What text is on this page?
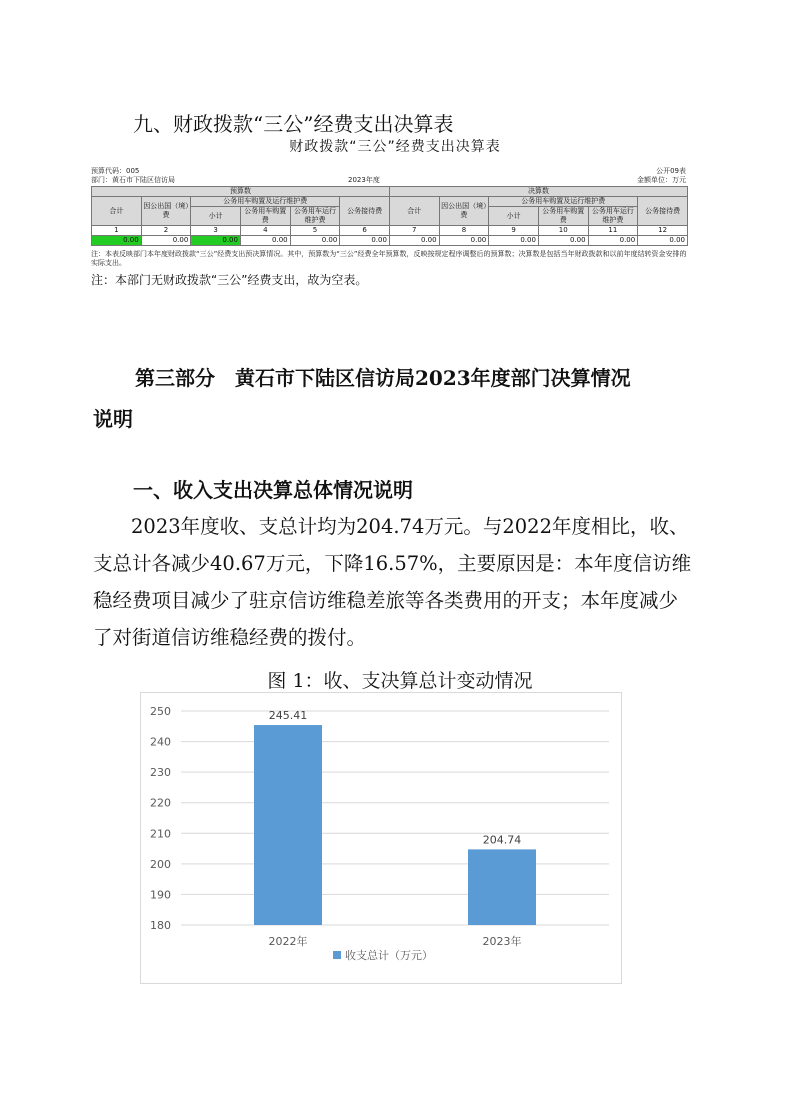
九、财政拨款“三公”经费支出决算表
财政拨款“三公”经费支出决算表
预算代码：005	公开09表
部门：黄石市下陆区信访局	2023年度	金额单位：万元
预算数						决算数					
合计	因公出国（境）费	公务用车购置及运行维护费			公务接待费	合计	因公出国（境）费	公务用车购置及运行维护费			公务接待费
		小计	公务用车购置费	公务用车运行维护费				小计	公务用车购置费	公务用车运行维护费	
1	2	3	4	5	6	7	8	9	10	11	12
0.00	0.00	0.00	0.00	0.00	0.00	0.00	0.00	0.00	0.00	0.00	0.00
注：本表反映部门本年度财政拨款“三公”经费支出预决算情况。其中，预算数为“三公”经费全年预算数，反映按规定程序调整后的预算数；决算数是包括当年财政拨款和以前年度结转资金安排的实际支出。
注：本部门无财政拨款“三公”经费支出，故为空表。
第三部分　黄石市下陆区信访局2023年度部门决算情况
说明
一、收入支出决算总体情况说明
2023年度收、支总计均为204.74万元。与2022年度相比，收、支总计各减少40.67万元，下降16.57%，主要原因是：本年度信访维稳经费项目减少了驻京信访维稳差旅等各类费用的开支；本年度减少了对街道信访维稳经费的拨付。
图 1：收、支决算总计变动情况
180
190
200
210
220
230
240
250	245.41
2022年
204.74
2023年
收支总计（万元）
